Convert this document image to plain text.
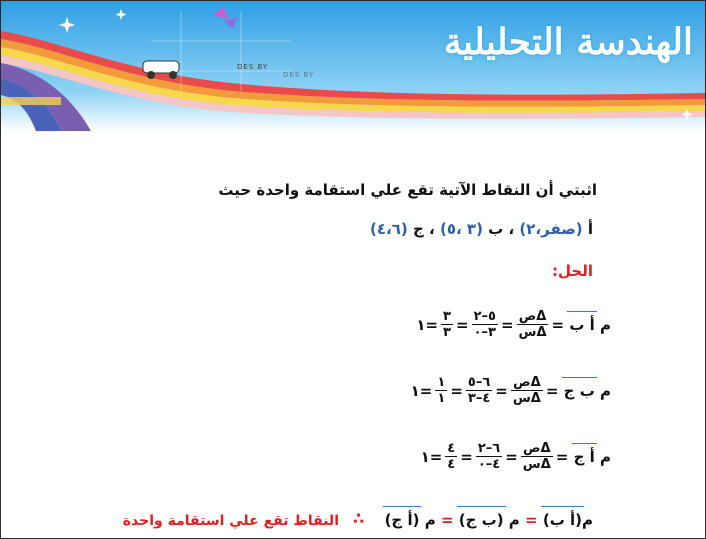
DES BY
DES BY
الهندسة التحليلية
اثبتي أن النقاط الآتية تقع علي استقامة واحدة حيث
أ (صفر،٢) ، ب (٣ ،٥) ، ج (٤،٦)
الحل:
م

أ ب
=
$\frac{\text{Δص}}{\text{Δس}}$
=
$\frac{٥-٢}{٣-٠}$
=
$\frac{٣}{٣}$
=
١
م

ب ج
=
$\frac{\text{Δص}}{\text{Δس}}$
=
$\frac{٦-٥}{٤-٣}$
=
$\frac{١}{١}$
=
١
م

أ ج
=
$\frac{\text{Δص}}{\text{Δس}}$
=
$\frac{٦-٢}{٤-٠}$
=
$\frac{٤}{٤}$
=
١
م(أ ب) = م (ب ج) = م (أ ج)
∴
النقاط تقع علي استقامة واحدة
